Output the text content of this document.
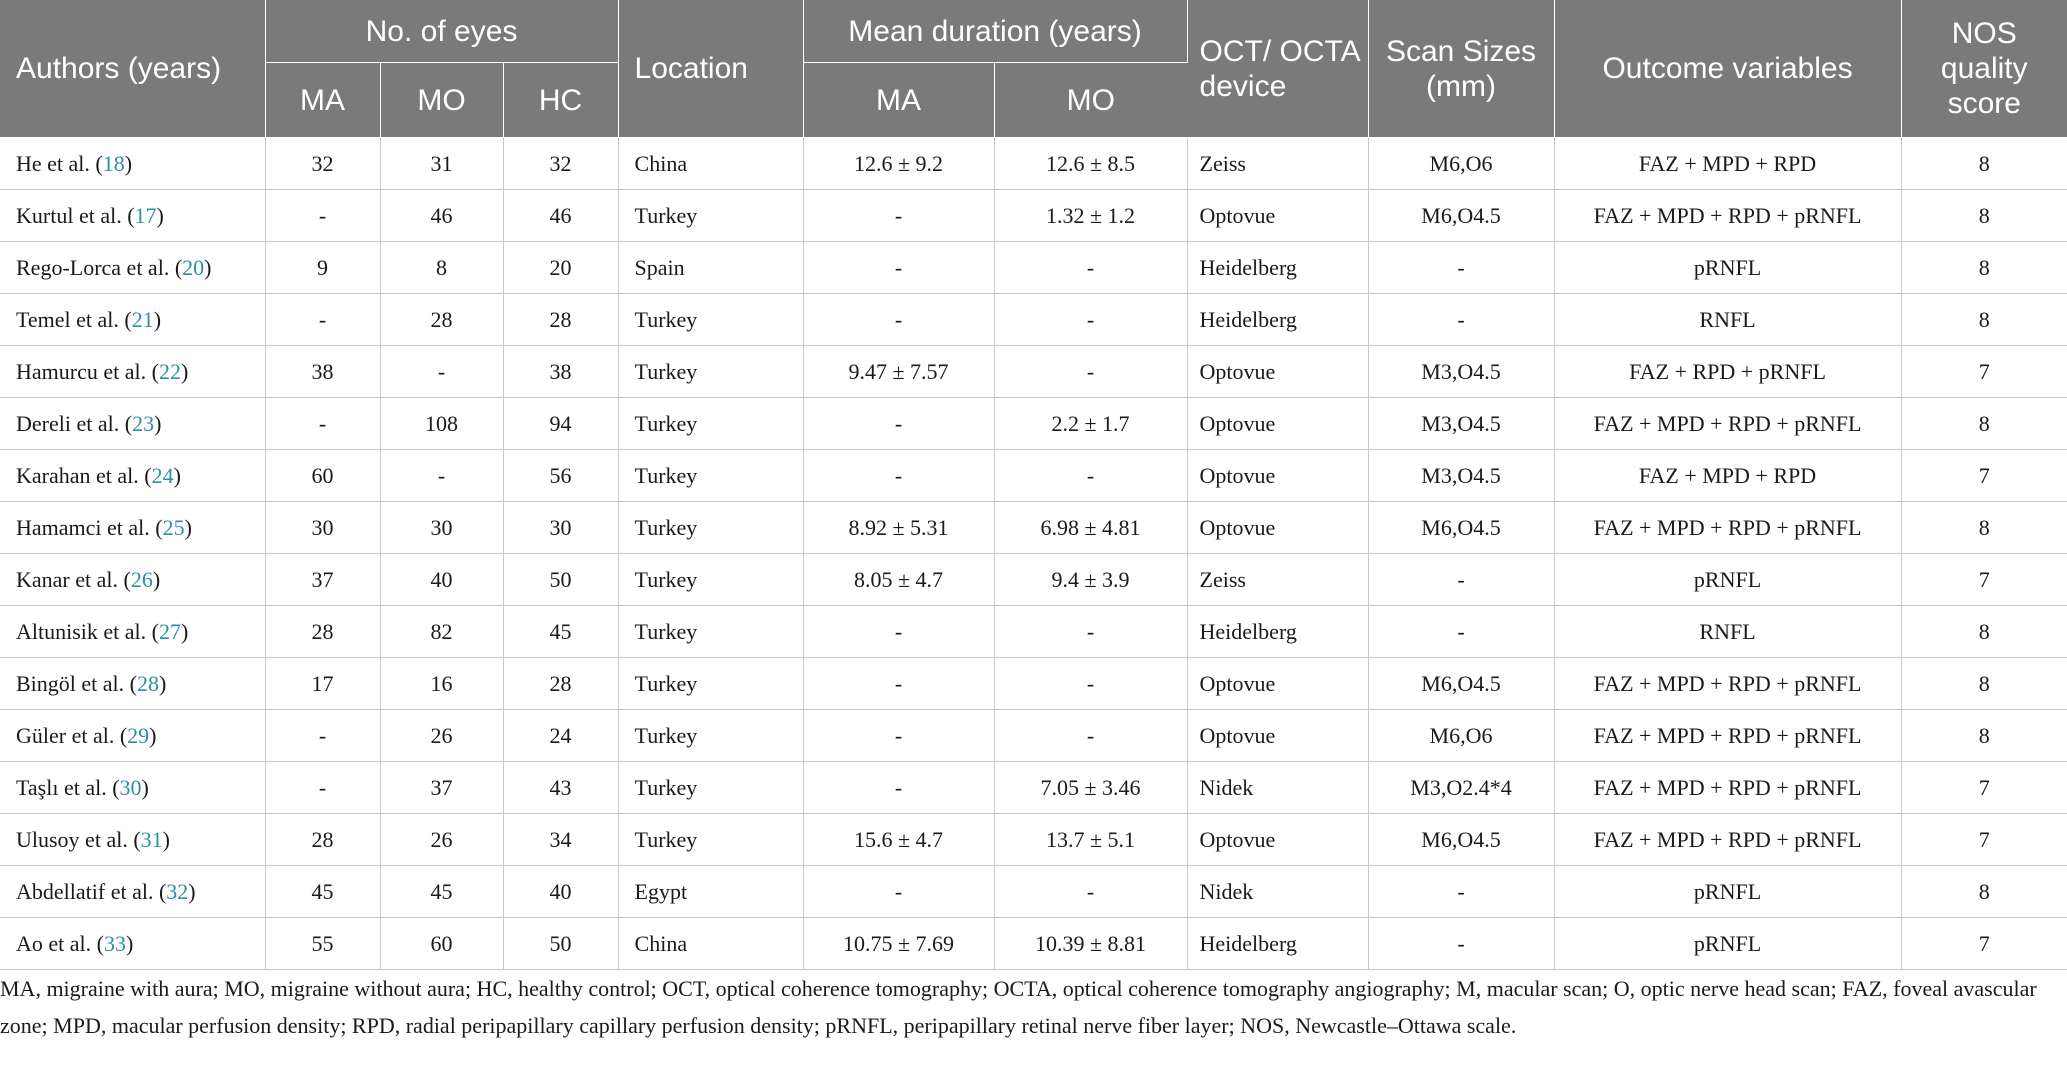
Authors (years)	No. of eyes			Location	Mean duration (years)		OCT/ OCTA device	Scan Sizes (mm)	Outcome variables	NOS quality score
	MA	MO	HC		MA	MO				
He et al. (18)	32	31	32	China	12.6 ± 9.2	12.6 ± 8.5	Zeiss	M6,O6	FAZ + MPD + RPD	8
Kurtul et al. (17)	-	46	46	Turkey	-	1.32 ± 1.2	Optovue	M6,O4.5	FAZ + MPD + RPD + pRNFL	8
Rego-Lorca et al. (20)	9	8	20	Spain	-	-	Heidelberg	-	pRNFL	8
Temel et al. (21)	-	28	28	Turkey	-	-	Heidelberg	-	RNFL	8
Hamurcu et al. (22)	38	-	38	Turkey	9.47 ± 7.57	-	Optovue	M3,O4.5	FAZ + RPD + pRNFL	7
Dereli et al. (23)	-	108	94	Turkey	-	2.2 ± 1.7	Optovue	M3,O4.5	FAZ + MPD + RPD + pRNFL	8
Karahan et al. (24)	60	-	56	Turkey	-	-	Optovue	M3,O4.5	FAZ + MPD + RPD	7
Hamamci et al. (25)	30	30	30	Turkey	8.92 ± 5.31	6.98 ± 4.81	Optovue	M6,O4.5	FAZ + MPD + RPD + pRNFL	8
Kanar et al. (26)	37	40	50	Turkey	8.05 ± 4.7	9.4 ± 3.9	Zeiss	-	pRNFL	7
Altunisik et al. (27)	28	82	45	Turkey	-	-	Heidelberg	-	RNFL	8
Bingöl et al. (28)	17	16	28	Turkey	-	-	Optovue	M6,O4.5	FAZ + MPD + RPD + pRNFL	8
Güler et al. (29)	-	26	24	Turkey	-	-	Optovue	M6,O6	FAZ + MPD + RPD + pRNFL	8
Taşlı et al. (30)	-	37	43	Turkey	-	7.05 ± 3.46	Nidek	M3,O2.4*4	FAZ + MPD + RPD + pRNFL	7
Ulusoy et al. (31)	28	26	34	Turkey	15.6 ± 4.7	13.7 ± 5.1	Optovue	M6,O4.5	FAZ + MPD + RPD + pRNFL	7
Abdellatif et al. (32)	45	45	40	Egypt	-	-	Nidek	-	pRNFL	8
Ao et al. (33)	55	60	50	China	10.75 ± 7.69	10.39 ± 8.81	Heidelberg	-	pRNFL	7
MA, migraine with aura; MO, migraine without aura; HC, healthy control; OCT, optical coherence tomography; OCTA, optical coherence tomography angiography; M, macular scan; O, optic nerve head scan; FAZ, foveal avascular zone; MPD, macular perfusion density; RPD, radial peripapillary capillary perfusion density; pRNFL, peripapillary retinal nerve fiber layer; NOS, Newcastle–Ottawa scale.
